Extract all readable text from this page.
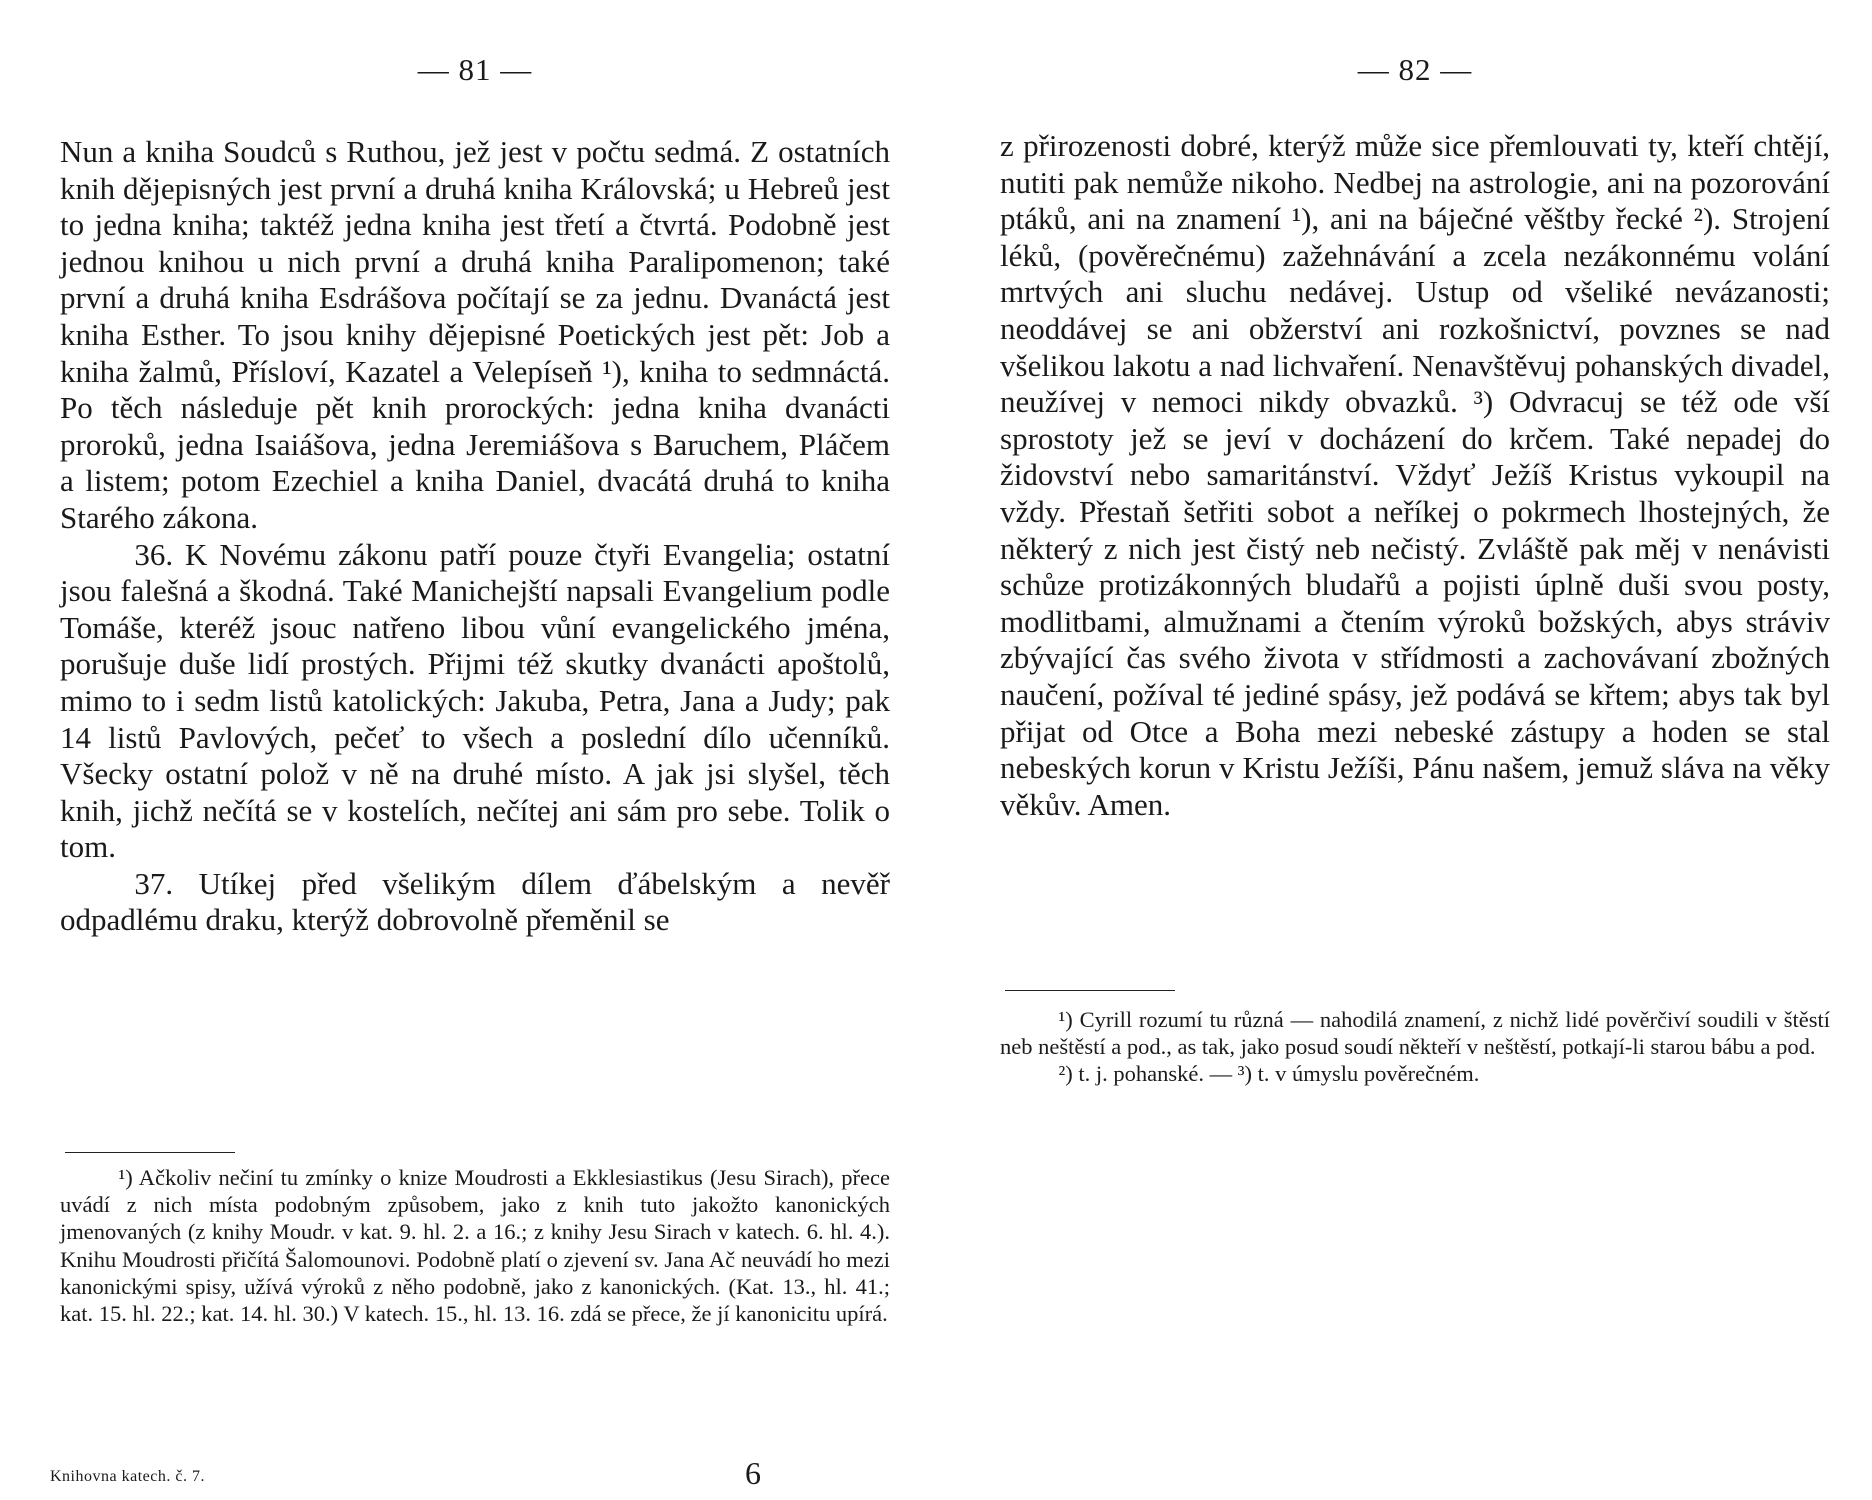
— 81 —

Nun a kniha Soudců s Ruthou, jež jest v počtu sedmá. Z ostatních knih dějepisných jest první a druhá kniha Královská; u Hebreů jest to jedna kniha; taktéž jedna kniha jest třetí a čtvrtá. Podobně jest jednou knihou u nich první a druhá kniha Paralipomenon; také první a druhá kniha Esdrášova počítají se za jednu. Dvanáctá jest kniha Esther. To jsou knihy dějepisné Poetických jest pět: Job a kniha žalmů, Přísloví, Kazatel a Velepíseň ¹), kniha to sedmnáctá. Po těch následuje pět knih prorockých: jedna kniha dvanácti proroků, jedna Isaiášova, jedna Jeremiášova s Baruchem, Pláčem a listem; potom Ezechiel a kniha Daniel, dvacátá druhá to kniha Starého zákona.

36. K Novému zákonu patří pouze čtyři Evangelia; ostatní jsou falešná a škodná. Také Manichejští napsali Evangelium podle Tomáše, kteréž jsouc natřeno libou vůní evangelického jména, porušuje duše lidí prostých. Přijmi též skutky dvanácti apoštolů, mimo to i sedm listů katolických: Jakuba, Petra, Jana a Judy; pak 14 listů Pavlových, pečeť to všech a poslední dílo učenníků. Všecky ostatní polož v ně na druhé místo. A jak jsi slyšel, těch knih, jichž nečítá se v kostelích, nečítej ani sám pro sebe. Tolik o tom.

37. Utíkej před všelikým dílem ďábelským a nevěř odpadlému draku, kterýž dobrovolně přeměnil se

¹) Ačkoliv nečiní tu zmínky o knize Moudrosti a Ekklesiastikus (Jesu Sirach), přece uvádí z nich místa podobným způsobem, jako z knih tuto jakožto kanonických jmenovaných (z knihy Moudr. v kat. 9. hl. 2. a 16.; z knihy Jesu Sirach v katech. 6. hl. 4.). Knihu Moudrosti přičítá Šalomounovi. Podobně platí o zjevení sv. Jana Ač neuvádí ho mezi kanonickými spisy, užívá výroků z něho podobně, jako z kanonických. (Kat. 13., hl. 41.; kat. 15. hl. 22.; kat. 14. hl. 30.) V katech. 15., hl. 13. 16. zdá se přece, že jí kanonicitu upírá.

Knihovna katech. č. 7.	6
— 82 —

z přirozenosti dobré, kterýž může sice přemlouvati ty, kteří chtějí, nutiti pak nemůže nikoho. Nedbej na astrologie, ani na pozorování ptáků, ani na znamení ¹), ani na báječné věštby řecké ²). Strojení léků, (pověrečnému) zažehnávání a zcela nezákonnému volání mrtvých ani sluchu nedávej. Ustup od všeliké nevázanosti; neoddávej se ani obžerství ani rozkošnictví, povznes se nad všelikou lakotu a nad lichvaření. Nenavštěvuj pohanských divadel, neužívej v nemoci nikdy obvazků. ³) Odvracuj se též ode vší sprostoty jež se jeví v docházení do krčem. Také nepadej do židovství nebo samaritánství. Vždyť Ježíš Kristus vykoupil na vždy. Přestaň šetřiti sobot a neříkej o pokrmech lhostejných, že některý z nich jest čistý neb nečistý. Zvláště pak měj v nenávisti schůze protizákonných bludařů a pojisti úplně duši svou posty, modlitbami, almužnami a čtením výroků božských, abys stráviv zbývající čas svého života v střídmosti a zachovávaní zbožných naučení, požíval té jediné spásy, jež podává se křtem; abys tak byl přijat od Otce a Boha mezi nebeské zástupy a hoden se stal nebeských korun v Kristu Ježíši, Pánu našem, jemuž sláva na věky věkův. Amen.

¹) Cyrill rozumí tu různá — nahodilá znamení, z nichž lidé pověrčiví soudili v štěstí neb neštěstí a pod., as tak, jako posud soudí někteří v neštěstí, potkají-li starou bábu a pod.

²) t. j. pohanské. — ³) t. v úmyslu pověrečném.
